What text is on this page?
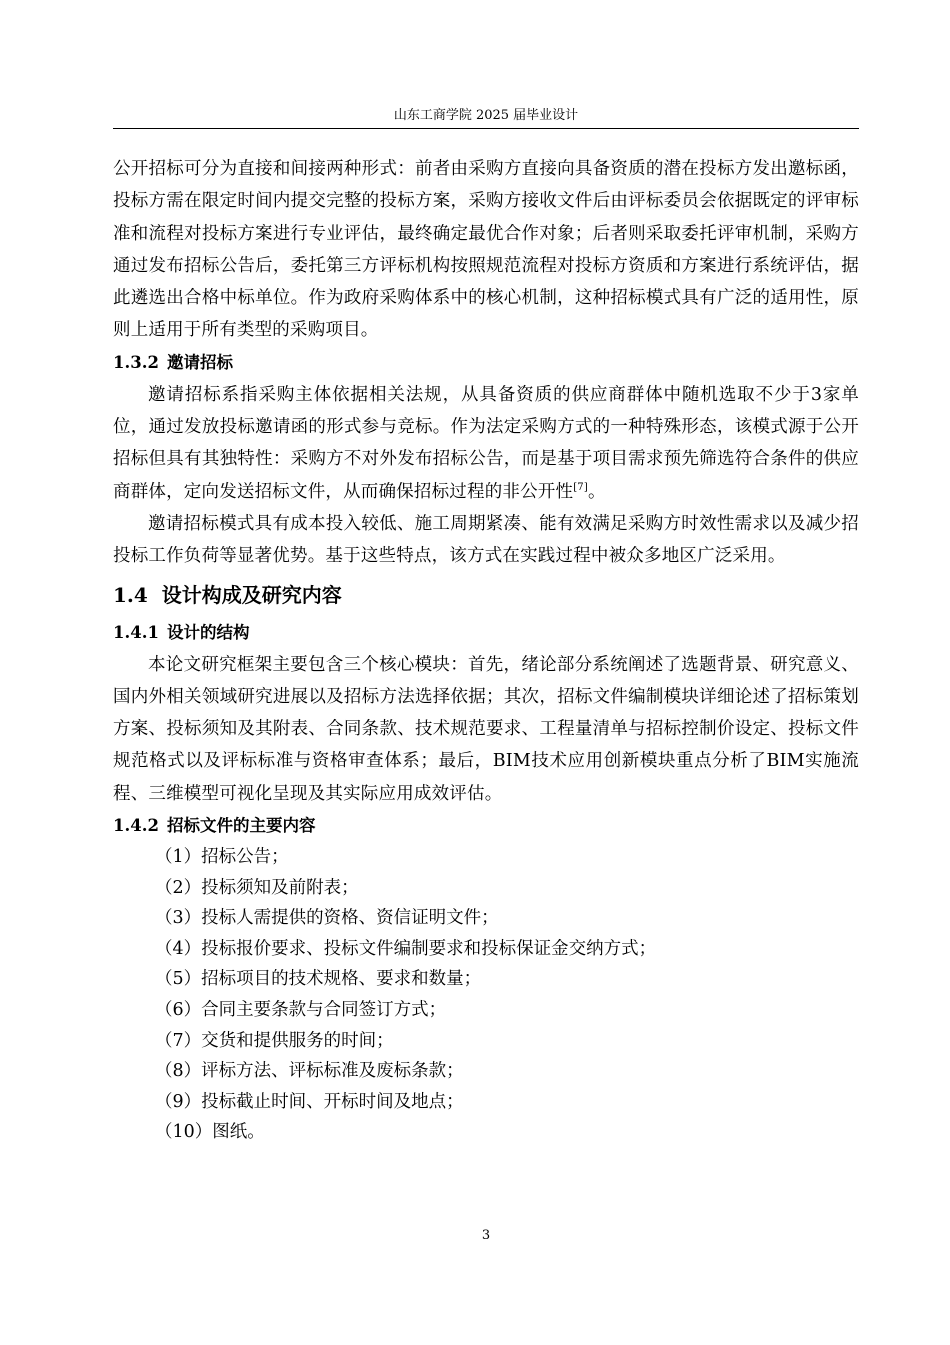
山东工商学院 2025 届毕业设计

公开招标可分为直接和间接两种形式：前者由采购方直接向具备资质的潜在投标方发出邀标函，投标方需在限定时间内提交完整的投标方案，采购方接收文件后由评标委员会依据既定的评审标准和流程对投标方案进行专业评估，最终确定最优合作对象；后者则采取委托评审机制，采购方通过发布招标公告后，委托第三方评标机构按照规范流程对投标方资质和方案进行系统评估，据此遴选出合格中标单位。作为政府采购体系中的核心机制，这种招标模式具有广泛的适用性，原则上适用于所有类型的采购项目。

1.3.2 邀请招标

邀请招标系指采购主体依据相关法规，从具备资质的供应商群体中随机选取不少于3家单位，通过发放投标邀请函的形式参与竞标。作为法定采购方式的一种特殊形态，该模式源于公开招标但具有其独特性：采购方不对外发布招标公告，而是基于项目需求预先筛选符合条件的供应商群体，定向发送招标文件，从而确保招标过程的非公开性[7]。

邀请招标模式具有成本投入较低、施工周期紧凑、能有效满足采购方时效性需求以及减少招投标工作负荷等显著优势。基于这些特点，该方式在实践过程中被众多地区广泛采用。

1.4 设计构成及研究内容
1.4.1 设计的结构

本论文研究框架主要包含三个核心模块：首先，绪论部分系统阐述了选题背景、研究意义、国内外相关领域研究进展以及招标方法选择依据；其次，招标文件编制模块详细论述了招标策划方案、投标须知及其附表、合同条款、技术规范要求、工程量清单与招标控制价设定、投标文件规范格式以及评标标准与资格审查体系；最后，BIM技术应用创新模块重点分析了BIM实施流程、三维模型可视化呈现及其实际应用成效评估。

1.4.2 招标文件的主要内容
（1）招标公告；
（2）投标须知及前附表；
（3）投标人需提供的资格、资信证明文件；
（4）投标报价要求、投标文件编制要求和投标保证金交纳方式；
（5）招标项目的技术规格、要求和数量；
（6）合同主要条款与合同签订方式；
（7）交货和提供服务的时间；
（8）评标方法、评标标准及废标条款；
（9）投标截止时间、开标时间及地点；
（10）图纸。
3
